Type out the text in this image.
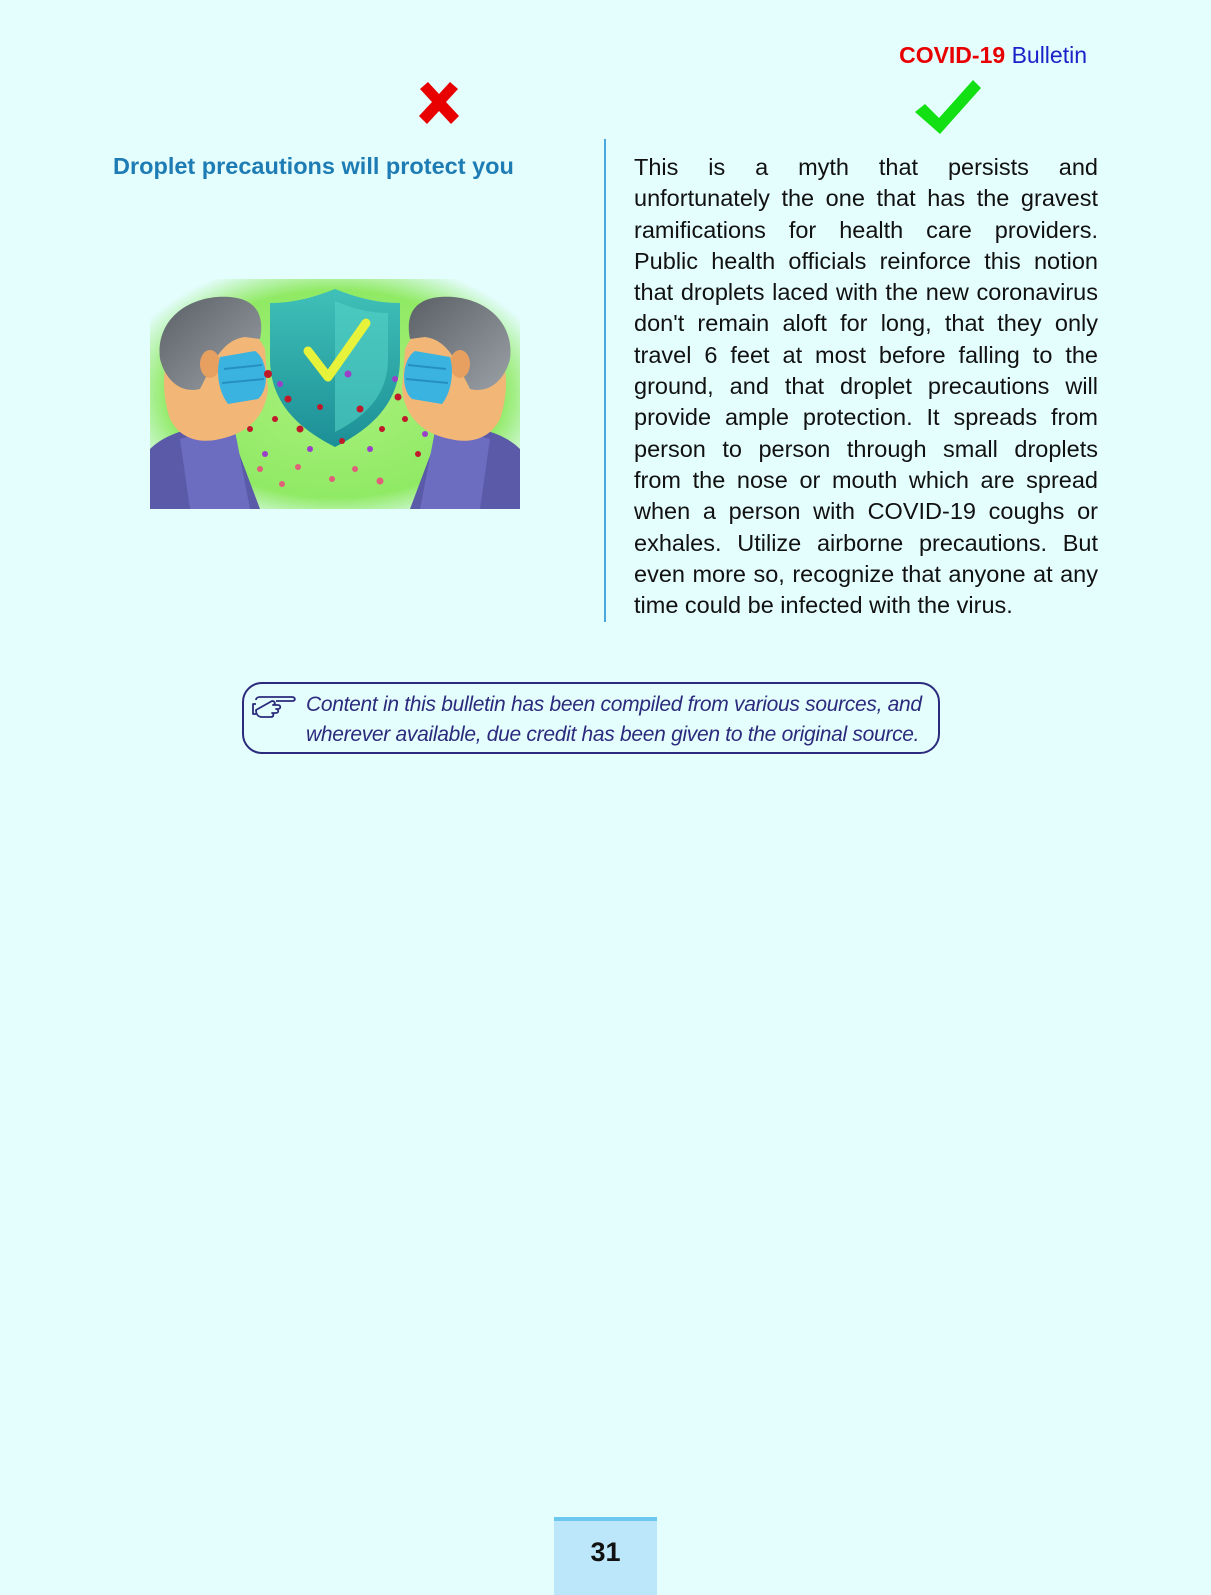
COVID-19 Bulletin
Droplet precautions will protect you	This is a myth that persists and unfortunately the one that has the gravest ramifications for health care providers. Public health officials reinforce this notion that droplets laced with the new coronavirus don't remain aloft for long, that they only travel 6 feet at most before falling to the ground, and that droplet precautions will provide ample protection. It spreads from person to person through small droplets from the nose or mouth which are spread when a person with COVID-19 coughs or exhales. Utilize airborne precautions. But even more so, recognize that anyone at any time could be infected with the virus.

Content in this bulletin has been compiled from various sources, and wherever available, due credit has been given to the original source.

31
